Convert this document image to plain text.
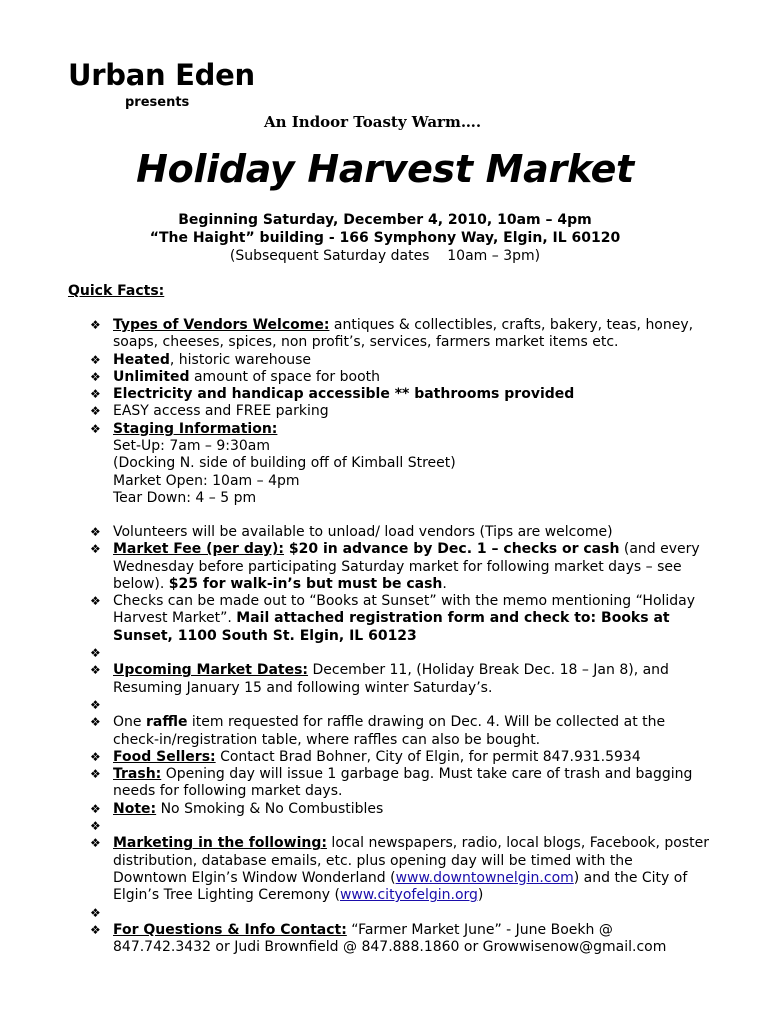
Urban Eden
presents
An Indoor Toasty Warm….
Holiday Harvest Market
Beginning Saturday, December 4, 2010, 10am – 4pm
“The Haight” building - 166 Symphony Way, Elgin, IL 60120
(Subsequent Saturday dates    10am – 3pm)
Quick Facts:
❖ Types of Vendors Welcome: antiques & collectibles, crafts, bakery, teas, honey, soaps, cheeses, spices, non profit’s, services, farmers market items etc.
❖ Heated, historic warehouse
❖ Unlimited amount of space for booth
❖ Electricity and handicap accessible ** bathrooms provided
❖ EASY access and FREE parking
❖ Staging Information:
Set-Up: 7am – 9:30am
(Docking N. side of building off of Kimball Street)
Market Open: 10am – 4pm
Tear Down: 4 – 5 pm
❖ Volunteers will be available to unload/ load vendors (Tips are welcome)
❖ Market Fee (per day): $20 in advance by Dec. 1 – checks or cash (and every Wednesday before participating Saturday market for following market days – see below). $25 for walk-in’s but must be cash.
❖ Checks can be made out to “Books at Sunset” with the memo mentioning “Holiday Harvest Market”. Mail attached registration form and check to: Books at Sunset, 1100 South St. Elgin, IL 60123
❖

❖ Upcoming Market Dates: December 11, (Holiday Break Dec. 18 – Jan 8), and Resuming January 15 and following winter Saturday’s.
❖

❖ One raffle item requested for raffle drawing on Dec. 4. Will be collected at the check-in/registration table, where raffles can also be bought.
❖ Food Sellers: Contact Brad Bohner, City of Elgin, for permit 847.931.5934
❖ Trash: Opening day will issue 1 garbage bag. Must take care of trash and bagging needs for following market days.
❖ Note: No Smoking & No Combustibles
❖

❖ Marketing in the following: local newspapers, radio, local blogs, Facebook, poster distribution, database emails, etc. plus opening day will be timed with the Downtown Elgin’s Window Wonderland (www.downtownelgin.com) and the City of Elgin’s Tree Lighting Ceremony (www.cityofelgin.org)
❖

❖ For Questions & Info Contact: “Farmer Market June” - June Boekh @ 847.742.3432 or Judi Brownfield @ 847.888.1860 or Growwisenow@gmail.com
